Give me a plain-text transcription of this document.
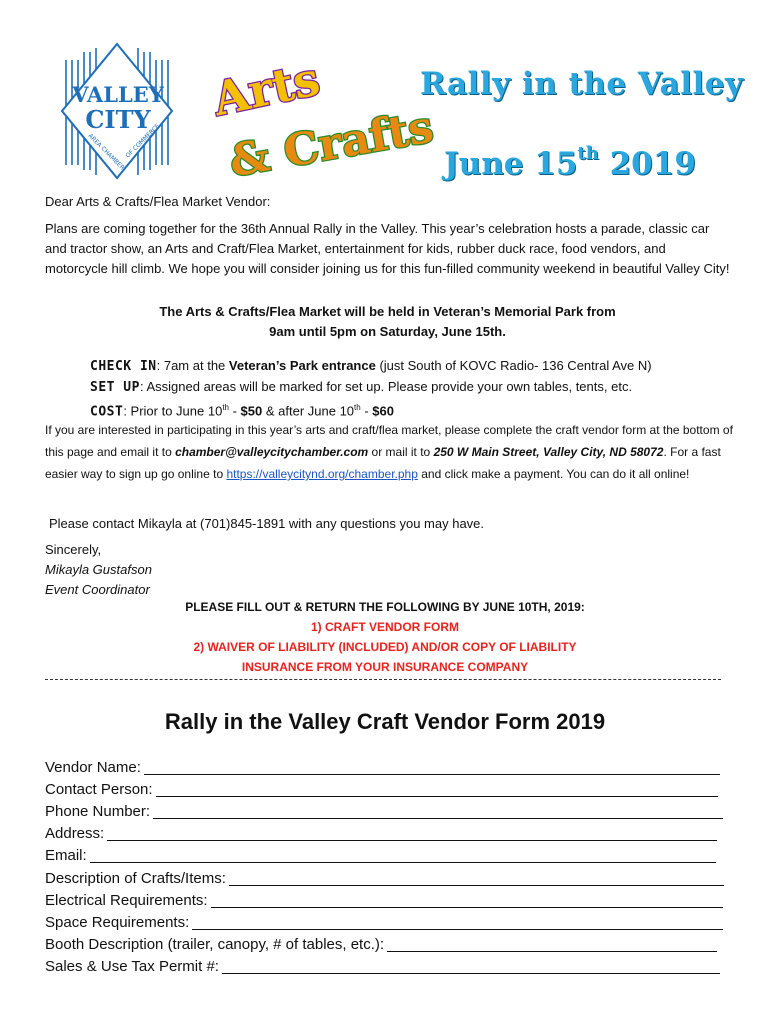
VALLEY
CITY
AREA CHAMBER
OF COMMERCE
Arts
& Crafts
Rally in the Valley
June 15th 2019

Dear Arts & Crafts/Flea Market Vendor:

Plans are coming together for the 36th Annual Rally in the Valley. This year’s celebration hosts a parade, classic car and tractor show, an Arts and Craft/Flea Market, entertainment for kids, rubber duck race, food vendors, and motorcycle hill climb. We hope you will consider joining us for this fun-filled community weekend in beautiful Valley City!

The Arts & Crafts/Flea Market will be held in Veteran’s Memorial Park from

9am until 5pm on Saturday, June 15th.

CHECK IN: 7am at the Veteran’s Park entrance (just South of KOVC Radio- 136 Central Ave N)

SET UP: Assigned areas will be marked for set up. Please provide your own tables, tents, etc.

COST: Prior to June 10th - $50 & after June 10th - $60

If you are interested in participating in this year’s arts and craft/flea market, please complete the craft vendor form at the bottom of this page and email it to chamber@valleycitychamber.com or mail it to 250 W Main Street, Valley City, ND 58072. For a fast easier way to sign up go online to https://valleycitynd.org/chamber.php and click make a payment. You can do it all online!
Please contact Mikayla at (701)845-1891 with any questions you may have.

Sincerely,

Mikayla Gustafson

Event Coordinator

PLEASE FILL OUT & RETURN THE FOLLOWING BY JUNE 10TH, 2019:

1) CRAFT VENDOR FORM

2) WAIVER OF LIABILITY (INCLUDED) AND/OR COPY OF LIABILITY

INSURANCE FROM YOUR INSURANCE COMPANY

Rally in the Valley Craft Vendor Form 2019
Vendor Name:
Contact Person:
Phone Number:
Address:
Email:
Description of Crafts/Items:
Electrical Requirements:
Space Requirements:
Booth Description (trailer, canopy, # of tables, etc.):
Sales & Use Tax Permit #:
